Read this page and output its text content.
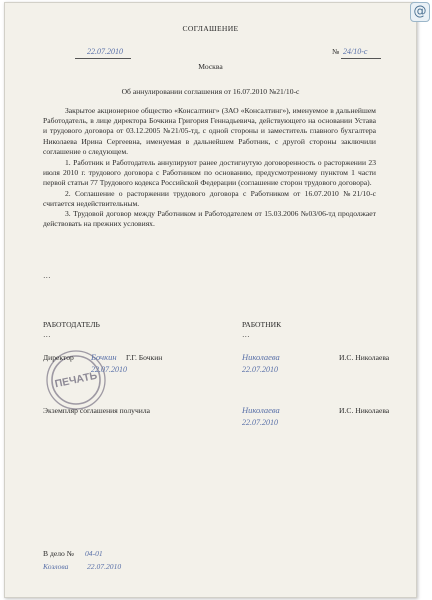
СОГЛАШЕНИЕ
22.07.2010	№ 24/10-с
Москва
Об аннулировании соглашения от 16.07.2010 №21/10-с

Закрытое акционерное общество «Консалтинг» (ЗАО «Консалтинг»), именуемое в дальнейшем Работодатель, в лице директора Бочкина Григория Геннадьевича, действующего на основании Устава и трудового договора от 03.12.2005 №21/05-тд, с одной стороны и заместитель главного бухгалтера Николаева Ирина Сергеевна, именуемая в дальнейшем Работник, с другой стороны заключили соглашение о следующем.

1. Работник и Работодатель аннулируют ранее достигнутую договоренность о расторжении 23 июля 2010 г. трудового договора с Работником по основанию, предусмотренному пунктом 1 части первой статьи 77 Трудового кодекса Российской Федерации (соглашение сторон трудового договора).

2. Соглашение о расторжении трудового договора с Работником от 16.07.2010 №21/10-с считается недействительным.

3. Трудовой договор между Работником и Работодателем от 15.03.2006 №03/06-тд продолжает действовать на прежних условиях.

…
РАБОТОДАТЕЛЬ
…
РАБОТНИК
…
ПЕЧАТЬ
Директор Бочкин Г.Г. Бочкин
22.07.2010
Николаева
22.07.2010
И.С. Николаева
Экземпляр соглашения получила	Николаева
22.07.2010
И.С. Николаева
В дело № 04-01
Козлова 22.07.2010
@
